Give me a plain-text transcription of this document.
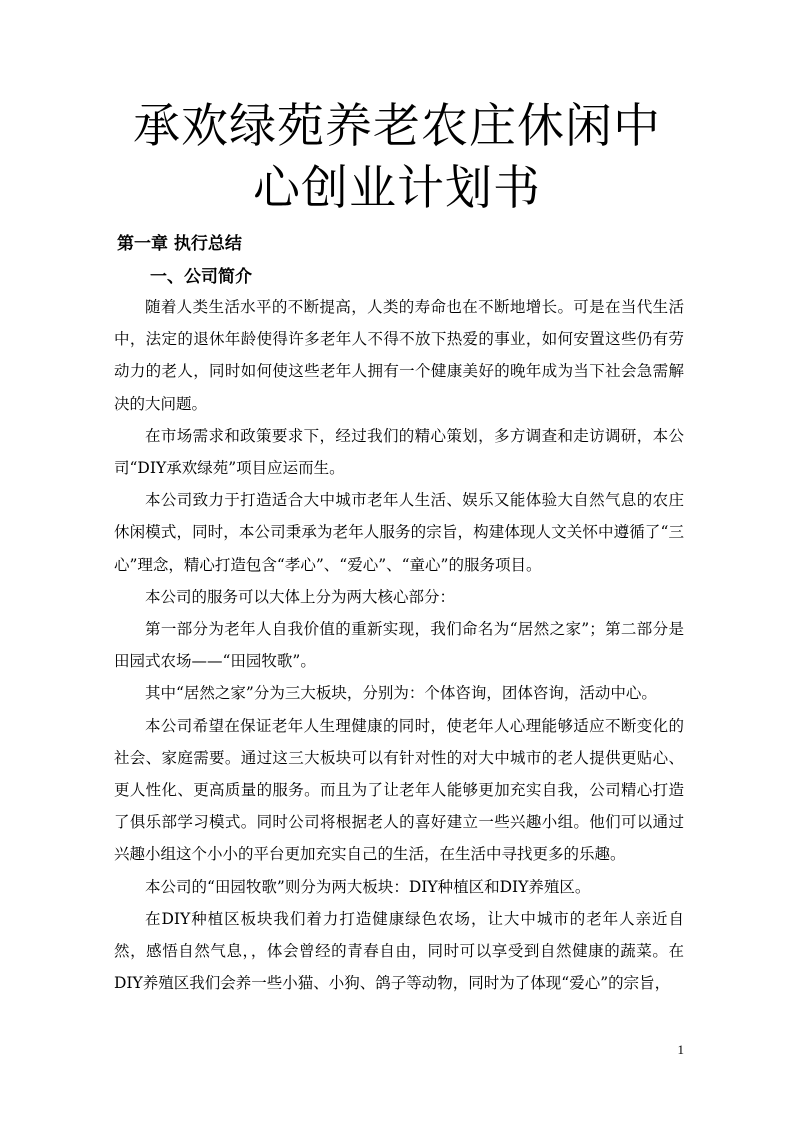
承欢绿苑养老农庄休闲中
心创业计划书
第一章 执行总结
一、公司简介

随着人类生活水平的不断提高，人类的寿命也在不断地增长。可是在当代生活中，法定的退休年龄使得许多老年人不得不放下热爱的事业，如何安置这些仍有劳动力的老人，同时如何使这些老年人拥有一个健康美好的晚年成为当下社会急需解决的大问题。

在市场需求和政策要求下，经过我们的精心策划，多方调查和走访调研，本公司“DIY承欢绿苑”项目应运而生。

本公司致力于打造适合大中城市老年人生活、娱乐又能体验大自然气息的农庄休闲模式，同时，本公司秉承为老年人服务的宗旨，构建体现人文关怀中遵循了“三心”理念，精心打造包含“孝心”、“爱心”、“童心”的服务项目。

本公司的服务可以大体上分为两大核心部分：

第一部分为老年人自我价值的重新实现，我们命名为“居然之家”；第二部分是田园式农场——“田园牧歌”。

其中“居然之家”分为三大板块，分别为：个体咨询，团体咨询，活动中心。

本公司希望在保证老年人生理健康的同时，使老年人心理能够适应不断变化的社会、家庭需要。通过这三大板块可以有针对性的对大中城市的老人提供更贴心、更人性化、更高质量的服务。而且为了让老年人能够更加充实自我，公司精心打造了俱乐部学习模式。同时公司将根据老人的喜好建立一些兴趣小组。他们可以通过兴趣小组这个小小的平台更加充实自己的生活，在生活中寻找更多的乐趣。

本公司的“田园牧歌”则分为两大板块：DIY种植区和DIY养殖区。

在DIY种植区板块我们着力打造健康绿色农场，让大中城市的老年人亲近自然，感悟自然气息，，体会曾经的青春自由，同时可以享受到自然健康的蔬菜。在DIY养殖区我们会养一些小猫、小狗、鸽子等动物，同时为了体现“爱心”的宗旨，

1
